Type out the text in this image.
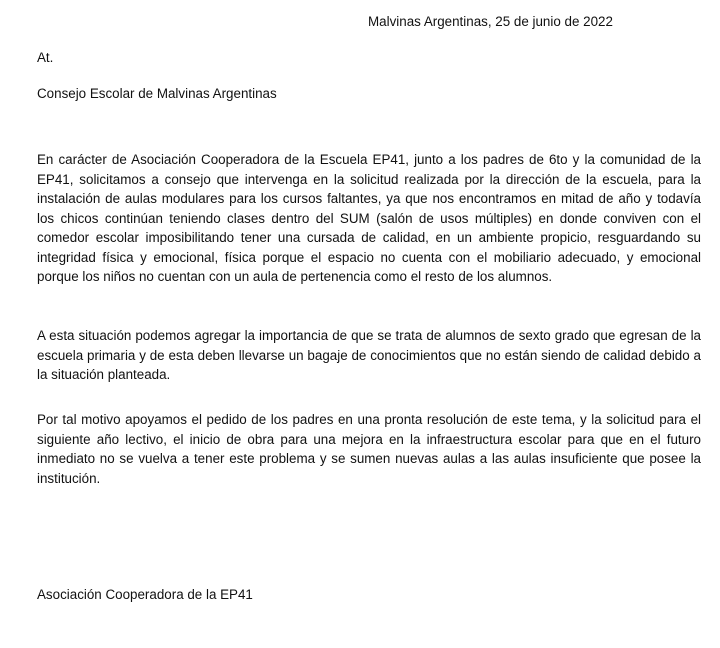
Malvinas Argentinas, 25 de junio de 2022
At.
Consejo Escolar de Malvinas Argentinas

En carácter de Asociación Cooperadora de la Escuela EP41, junto a los padres de 6to y la comunidad de la EP41, solicitamos a consejo que intervenga en la solicitud realizada por la dirección de la escuela, para la instalación de aulas modulares para los cursos faltantes, ya que nos encontramos en mitad de año y todavía los chicos continúan teniendo clases dentro del SUM (salón de usos múltiples) en donde conviven con el comedor escolar imposibilitando tener una cursada de calidad, en un ambiente propicio, resguardando su integridad física y emocional, física porque el espacio no cuenta con el mobiliario adecuado, y emocional porque los niños no cuentan con un aula de pertenencia como el resto de los alumnos.

A esta situación podemos agregar la importancia de que se trata de alumnos de sexto grado que egresan de la escuela primaria y de esta deben llevarse un bagaje de conocimientos que no están siendo de calidad debido a la situación planteada.

Por tal motivo apoyamos el pedido de los padres en una pronta resolución de este tema, y la solicitud para el siguiente año lectivo, el inicio de obra para una mejora en la infraestructura escolar para que en el futuro inmediato no se vuelva a tener este problema y se sumen nuevas aulas a las aulas insuficiente que posee la institución.

Asociación Cooperadora de la EP41
